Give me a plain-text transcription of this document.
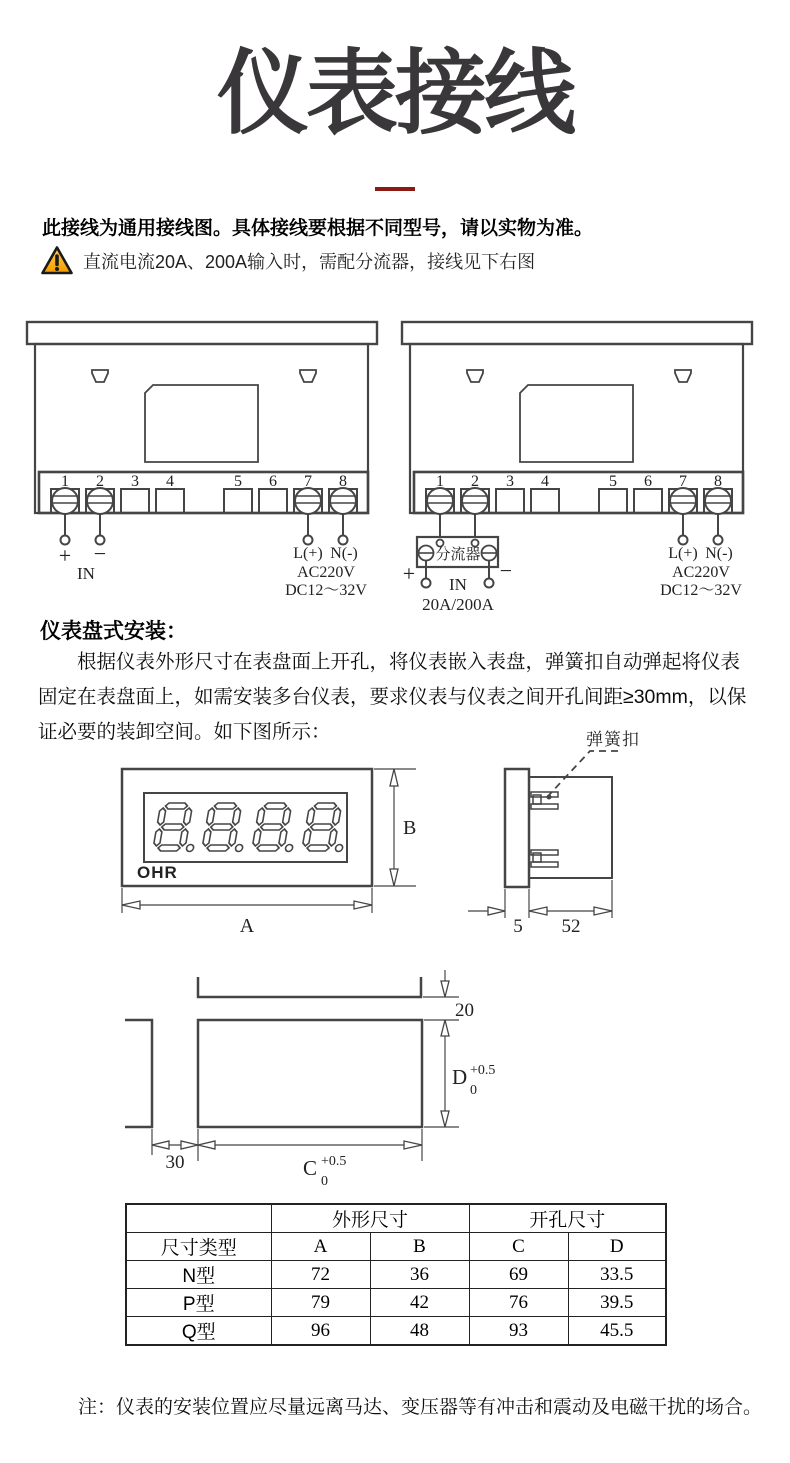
仪表接线
此接线为通用接线图。具体接线要根据不同型号，请以实物为准。
直流电流20A、200A输入时，需配分流器，接线见下右图
1 2 3 4	5 6 7 8
+ −
IN
L(+) N(-)
AC220V
DC12～32V
1 2 3 4	5 6 7 8
分流器
+	−
IN
20A/200A
L(+) N(-)
AC220V
DC12～32V
仪表盘式安装：
根据仪表外形尺寸在表盘面上开孔，将仪表嵌入表盘，弹簧扣自动弹起将仪表固定在表盘面上，如需安装多台仪表，要求仪表与仪表之间开孔间距≥30mm，以保证必要的装卸空间。如下图所示：
OHR
B
A
弹簧扣
5 52
20
D +0.5
0
30	C +0.5
0
	外形尺寸		开孔尺寸	
尺寸类型	A	B	C	D
N型	72	36	69	33.5
P型	79	42	76	39.5
Q型	96	48	93	45.5
注：仪表的安装位置应尽量远离马达、变压器等有冲击和震动及电磁干扰的场合。
